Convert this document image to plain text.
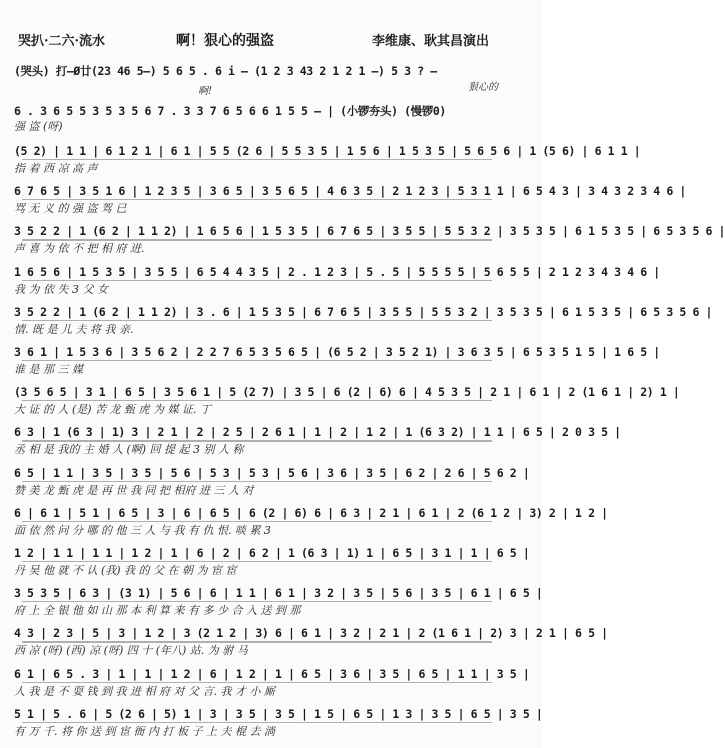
哭扒·二六·流水	啊！狠心的强盗	李维康、耿其昌演出
(哭头) 打―Ø廿(23 46 5―) 5 6 5 . 6 i ― (1 2 3 43 2 1 2 1 ―) 5 3 ? ―
狠心的
啊!
6 . 3 6 5 5 3 5 3 5 6 7 . 3 3 7 6 5 6 6 1 5 5 ― | (小锣夯头) (慢锣0)
强 盗 (呀)
(5 2) | 1 1 | 6 1 2 1 | 6 1 | 5 5 (2 6 | 5 5 3 5 | 1 5 6 | 1 5 3 5 | 5 6 5 6 | 1 (5 6) | 6 1 1 |
指 着 西 凉 高 声
6 7 6 5 | 3 5 1 6 | 1 2 3 5 | 3 6 5 | 3 5 6 5 | 4 6 3 5 | 2 1 2 3 | 5 3 1 1 | 6 5 4 3 | 3 4 3 2 3 4 6 |
骂 无 义 的 强 盗 驾 已
3 5 2 2 | 1 (6 2 | 1 1 2) | 1 6 5 6 | 1 5 3 5 | 6 7 6 5 | 3 5 5 | 5 5 3 2 | 3 5 3 5 | 6 1 5 3 5 | 6 5 3 5 6 |
声 喜 为 依 不 把 相 府 进.
1 6 5 6 | 1 5 3 5 | 3 5 5 | 6 5 4 4 3 5 | 2 . 1 2 3 | 5 . 5 | 5 5 5 5 | 5 6 5 5 | 2 1 2 3 4 3 4 6 |
我 为 依 失 3 父 女
3 5 2 2 | 1 (6 2 | 1 1 2) | 3 . 6 | 1 5 3 5 | 6 7 6 5 | 3 5 5 | 5 5 3 2 | 3 5 3 5 | 6 1 5 3 5 | 6 5 3 5 6 |
情. 既 是 儿 夫 将 我 亲.
3 6 1 | 1 5 3 6 | 3 5 6 2 | 2 2 7 6 5 3 5 6 5 | (6 5 2 | 3 5 2 1) | 3 6 3 5 | 6 5 3 5 1 5 | 1 6 5 |
谁 是 那 三 媒
(3 5 6 5 | 3 1 | 6 5 | 3 5 6 1 | 5 (2 7) | 3 5 | 6 (2 | 6) 6 | 4 5 3 5 | 2 1 | 6 1 | 2 (1 6 1 | 2) 1 |
大 证 的 人 (是) 苦 龙 甄 虎 为 媒 证. 丁
6 3 | 1 (6 3 | 1) 3 | 2 1 | 2 | 2 5 | 2 6 1 | 1 | 2 | 1 2 | 1 (6 3 2) | 1 1 | 6 5 | 2 0 3 5 |
丞 相 是 我的 主 婚 人 (啊) 回 提 起 3 别 人 称
6 5 | 1 1 | 3 5 | 3 5 | 5 6 | 5 3 | 5 3 | 5 6 | 3 6 | 3 5 | 6 2 | 2 6 | 5 6 2 |
赞 美 龙 甄 虎 是 再 世 我 同 把 相府 进 三 人 对
6 | 6 1 | 5 1 | 6 5 | 3 | 6 | 6 5 | 6 (2 | 6) 6 | 6 3 | 2 1 | 6 1 | 2 (6 1 2 | 3) 2 | 1 2 |
面 依 然 问 分 哪 的 他 三 人 与 我 有 仇 恨. 啖 累 3
1 2 | 1 1 | 1 1 | 1 2 | 1 | 6 | 2 | 6 2 | 1 (6 3 | 1) 1 | 6 5 | 3 1 | 1 | 6 5 |
丹 吴 他 就 不 认 (我) 我 的 父 在 朝 为 宦 宦
3 5 3 5 | 6 3 | (3 1) | 5 6 | 6 | 1 1 | 6 1 | 3 2 | 3 5 | 5 6 | 3 5 | 6 1 | 6 5 |
府 上 全 银 他 如 山 那 本 利 算 来 有 多 少 合 入 送 到 那
4 3 | 2 3 | 5 | 3 | 1 2 | 3 (2 1 2 | 3) 6 | 6 1 | 3 2 | 2 1 | 2 (1 6 1 | 2) 3 | 2 1 | 6 5 |
西 凉 (呀) (西) 凉 (呀) 四 十 (年八) 站. 为 驸 马
6 1 | 6 5 . 3 | 1 | 1 | 1 2 | 6 | 1 2 | 1 | 6 5 | 3 6 | 3 5 | 6 5 | 1 1 | 3 5 |
人 我 是 不 耍 钱 到 我 进 相 府 对 父 言. 我 才 小 厮
5 1 | 5 . 6 | 5 (2 6 | 5) 1 | 3 | 3 5 | 3 5 | 1 5 | 6 5 | 1 3 | 3 5 | 6 5 | 3 5 |
有 万 千. 将 你 送 到 宦 衙 内 打 板 子 上 夫 棍 去 淌
